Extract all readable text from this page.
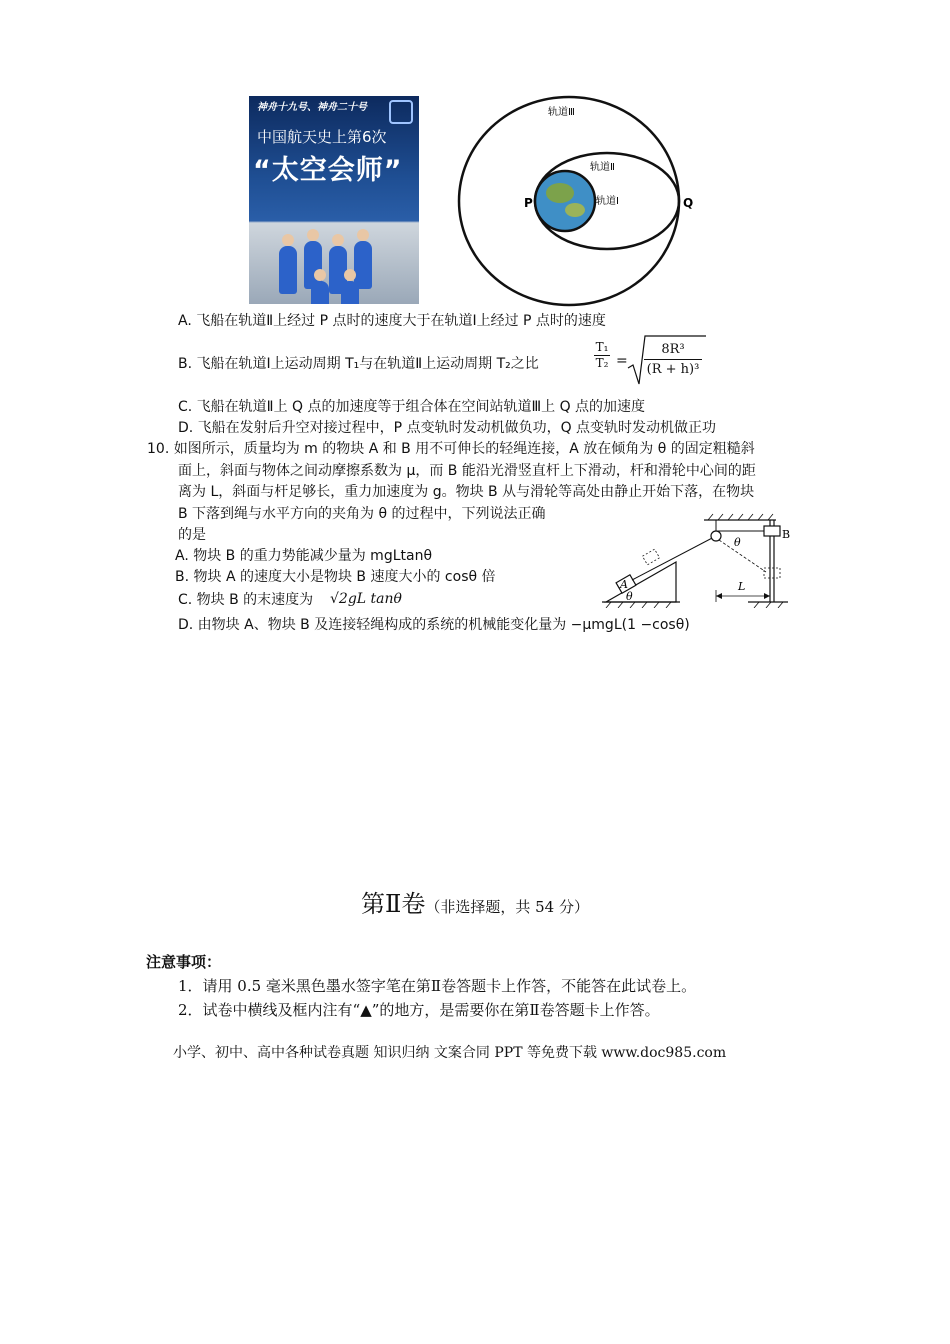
神舟十九号、神舟二十号
中国航天史上第6次
“太空会师”
轨道Ⅲ
轨道Ⅱ
轨道Ⅰ
P	Q
A. 飞船在轨道Ⅱ上经过 P 点时的速度大于在轨道Ⅰ上经过 P 点时的速度
B. 飞船在轨道Ⅰ上运动周期 T₁与在轨道Ⅱ上运动周期 T₂之比	$\frac{\text{T₁}}{\text{T₂}} = \frac{\text{8R³}}{\text{(R + h)³}}$
C. 飞船在轨道Ⅱ上 Q 点的加速度等于组合体在空间站轨道Ⅲ上 Q 点的加速度
D. 飞船在发射后升空对接过程中，P 点变轨时发动机做负功，Q 点变轨时发动机做正功
10. 如图所示，质量均为 m 的物块 A 和 B 用不可伸长的轻绳连接，A 放在倾角为 θ 的固定粗糙斜
面上，斜面与物体之间动摩擦系数为 μ，而 B 能沿光滑竖直杆上下滑动，杆和滑轮中心间的距
离为 L，斜面与杆足够长，重力加速度为 g。物块 B 从与滑轮等高处由静止开始下落，在物块
B 下落到绳与水平方向的夹角为 θ 的过程中，下列说法正确
的是
A. 物块 B 的重力势能减少量为 mgLtanθ
B. 物块 A 的速度大小是物块 B 速度大小的 cosθ 倍
C. 物块 B 的末速度为 √2gL tanθ
D. 由物块 A、物块 B 及连接轻绳构成的系统的机械能变化量为 −μmgL(1 −cosθ)
A
B
θ
θ
L
第Ⅱ卷（非选择题，共 54 分）
注意事项：
1．请用 0.5 毫米黑色墨水签字笔在第Ⅱ卷答题卡上作答，不能答在此试卷上。
2．试卷中横线及框内注有“▲”的地方，是需要你在第Ⅱ卷答题卡上作答。
小学、初中、高中各种试卷真题 知识归纳 文案合同 PPT 等免费下载 www.doc985.com
